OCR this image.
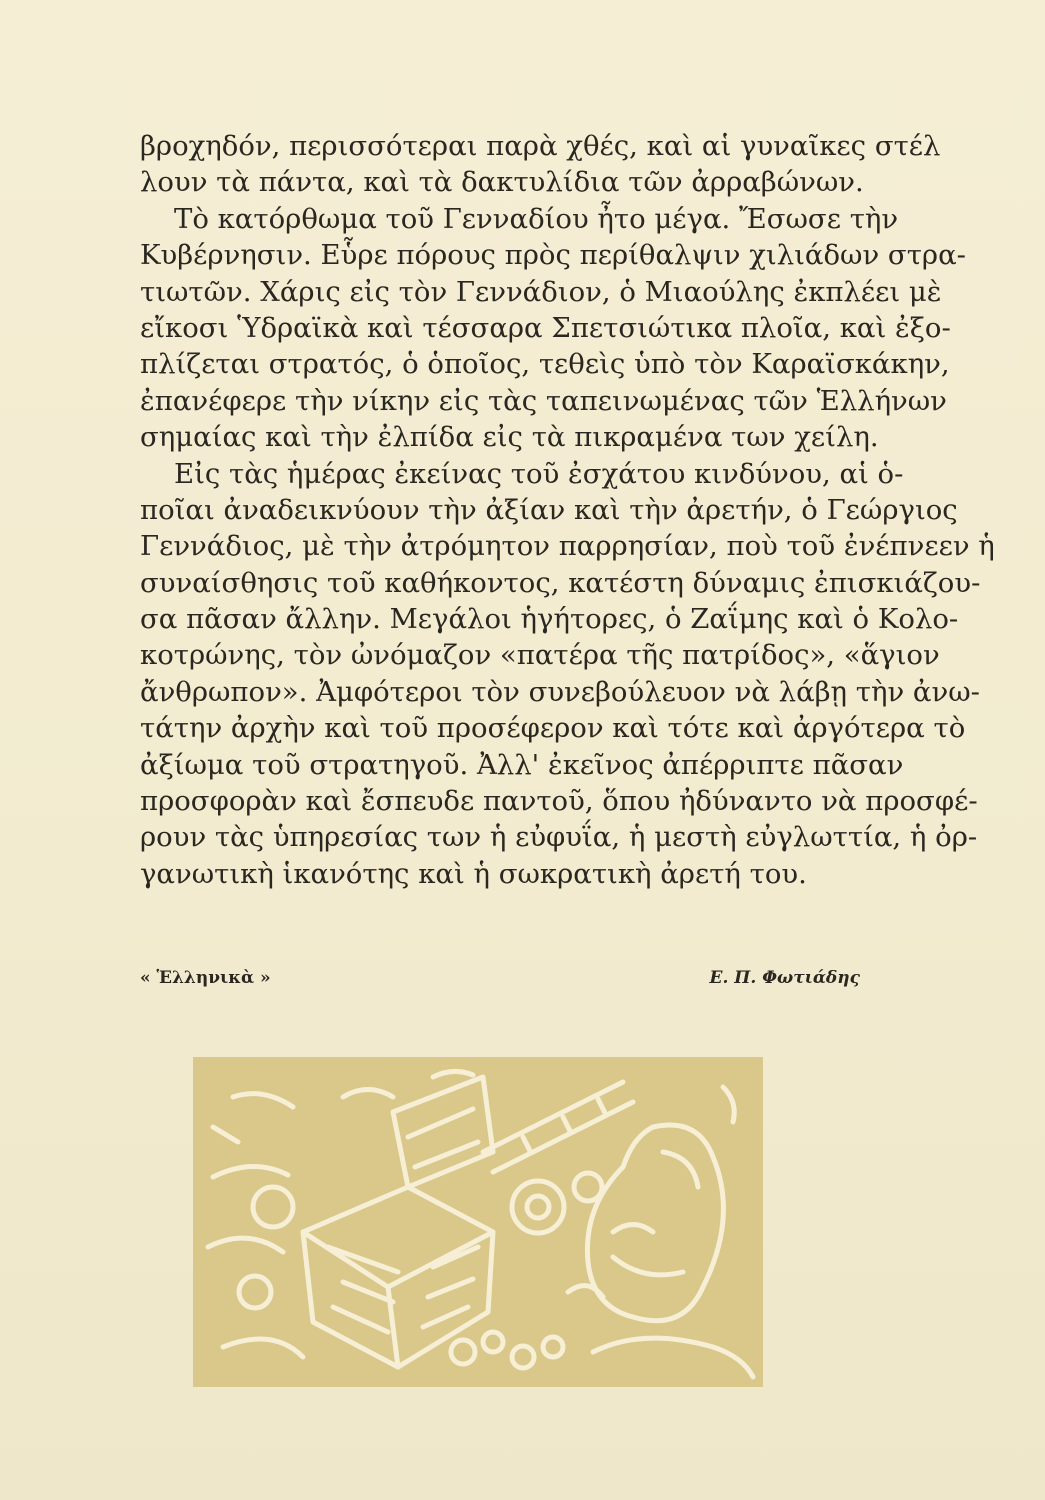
βροχηδόν, περισσότεραι παρὰ χθές, καὶ αἱ γυναῖκες στέλ
λουν τὰ πάντα, καὶ τὰ δακτυλίδια τῶν ἀρραβώνων.
Τὸ κατόρθωμα τοῦ Γενναδίου ἦτο μέγα. Ἔσωσε τὴν
Κυβέρνησιν. Εὗρε πόρους πρὸς περίθαλψιν χιλιάδων στρα-
τιωτῶν. Χάρις εἰς τὸν Γεννάδιον, ὁ Μιαούλης ἐκπλέει μὲ
εἴκοσι Ὑδραϊκὰ καὶ τέσσαρα Σπετσιώτικα πλοῖα, καὶ ἐξο-
πλίζεται στρατός, ὁ ὁποῖος, τεθεὶς ὑπὸ τὸν Καραϊσκάκην,
ἐπανέφερε τὴν νίκην εἰς τὰς ταπεινωμένας τῶν Ἑλλήνων
σημαίας καὶ τὴν ἐλπίδα εἰς τὰ πικραμένα των χείλη.
Εἰς τὰς ἡμέρας ἐκείνας τοῦ ἐσχάτου κινδύνου, αἱ ὁ-
ποῖαι ἀναδεικνύουν τὴν ἀξίαν καὶ τὴν ἀρετήν, ὁ Γεώργιος
Γεννάδιος, μὲ τὴν ἀτρόμητον παρρησίαν, ποὺ τοῦ ἐνέπνεεν ἡ
συναίσθησις τοῦ καθήκοντος, κατέστη δύναμις ἐπισκιάζου-
σα πᾶσαν ἄλλην. Μεγάλοι ἡγήτορες, ὁ Ζαΐμης καὶ ὁ Κολο-
κοτρώνης, τὸν ὠνόμαζον «πατέρα τῆς πατρίδος», «ἅγιον
ἄνθρωπον». Ἀμφότεροι τὸν συνεβούλευον νὰ λάβῃ τὴν ἀνω-
τάτην ἀρχὴν καὶ τοῦ προσέφερον καὶ τότε καὶ ἀργότερα τὸ
ἀξίωμα τοῦ στρατηγοῦ. Ἀλλ' ἐκεῖνος ἀπέρριπτε πᾶσαν
προσφορὰν καὶ ἔσπευδε παντοῦ, ὅπου ἠδύναντο νὰ προσφέ-
ρουν τὰς ὑπηρεσίας των ἡ εὐφυΐα, ἡ μεστὴ εὐγλωττία, ἡ ὀρ-
γανωτικὴ ἱκανότης καὶ ἡ σωκρατικὴ ἀρετή του.
« Ἑλληνικὰ »	Ε. Π. Φωτιάδης
